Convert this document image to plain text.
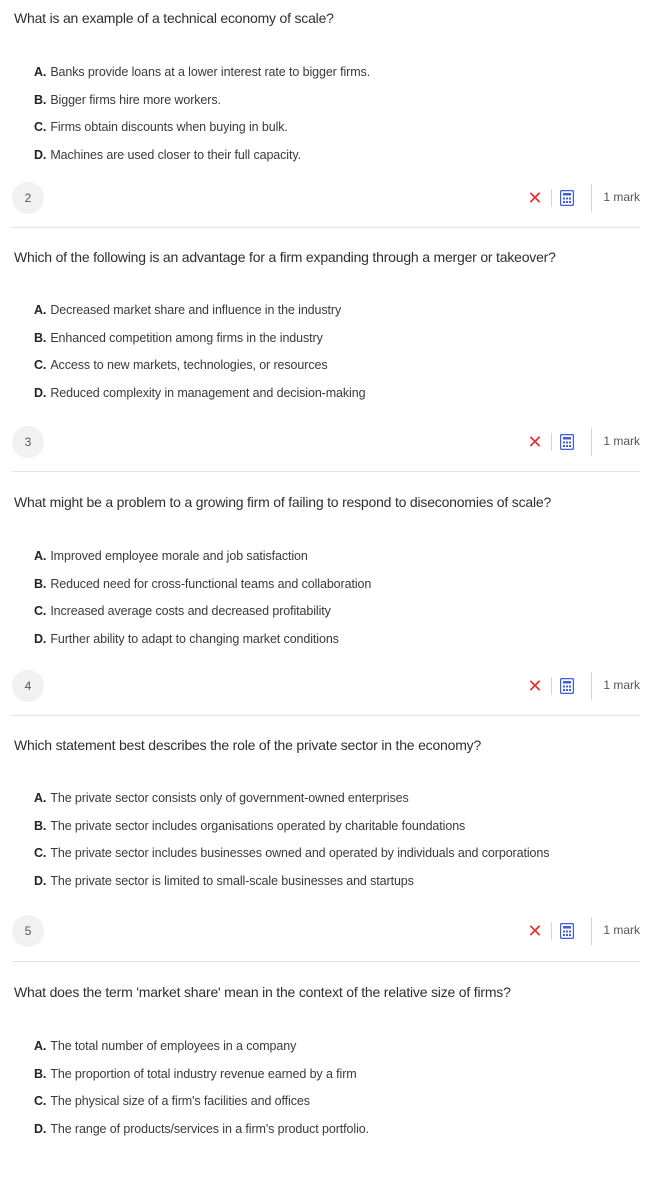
What is an example of a technical economy of scale?
A. Banks provide loans at a lower interest rate to bigger firms.
B. Bigger firms hire more workers.
C. Firms obtain discounts when buying in bulk.
D. Machines are used closer to their full capacity.
2	✕	1 mark
Which of the following is an advantage for a firm expanding through a merger or takeover?
A. Decreased market share and influence in the industry
B. Enhanced competition among firms in the industry
C. Access to new markets, technologies, or resources
D. Reduced complexity in management and decision-making
3	✕	1 mark
What might be a problem to a growing firm of failing to respond to diseconomies of scale?
A. Improved employee morale and job satisfaction
B. Reduced need for cross-functional teams and collaboration
C. Increased average costs and decreased profitability
D. Further ability to adapt to changing market conditions
4	✕	1 mark
Which statement best describes the role of the private sector in the economy?
A. The private sector consists only of government-owned enterprises
B. The private sector includes organisations operated by charitable foundations
C. The private sector includes businesses owned and operated by individuals and corporations
D. The private sector is limited to small-scale businesses and startups
5	✕	1 mark
What does the term 'market share' mean in the context of the relative size of firms?
A. The total number of employees in a company
B. The proportion of total industry revenue earned by a firm
C. The physical size of a firm's facilities and offices
D. The range of products/services in a firm's product portfolio.
